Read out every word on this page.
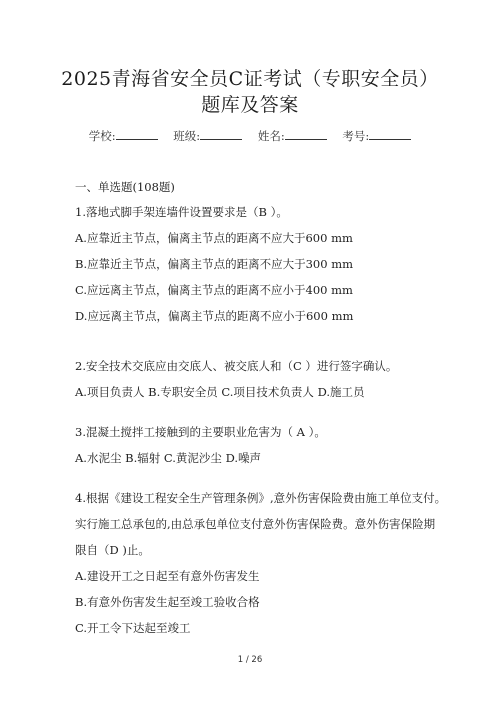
2025青海省安全员C证考试（专职安全员）
题库及答案
学校:	班级:	姓名:	考号:
一、单选题(108题)
1.落地式脚手架连墙件设置要求是（B ）。
A.应靠近主节点，偏离主节点的距离不应大于600 mm
B.应靠近主节点，偏离主节点的距离不应大于300 mm
C.应远离主节点，偏离主节点的距离不应小于400 mm
D.应远离主节点，偏离主节点的距离不应小于600 mm
2.安全技术交底应由交底人、被交底人和（C ）进行签字确认。
A.项目负责人 B.专职安全员 C.项目技术负责人 D.施工员
3.混凝土搅拌工接触到的主要职业危害为（ A ）。
A.水泥尘 B.辐射 C.黄泥沙尘 D.噪声
4.根据《建设工程安全生产管理条例》,意外伤害保险费由施工单位支付。
实行施工总承包的,由总承包单位支付意外伤害保险费。意外伤害保险期
限自（D )止。
A.建设开工之日起至有意外伤害发生
B.有意外伤害发生起至竣工验收合格
C.开工令下达起至竣工
1 / 26
